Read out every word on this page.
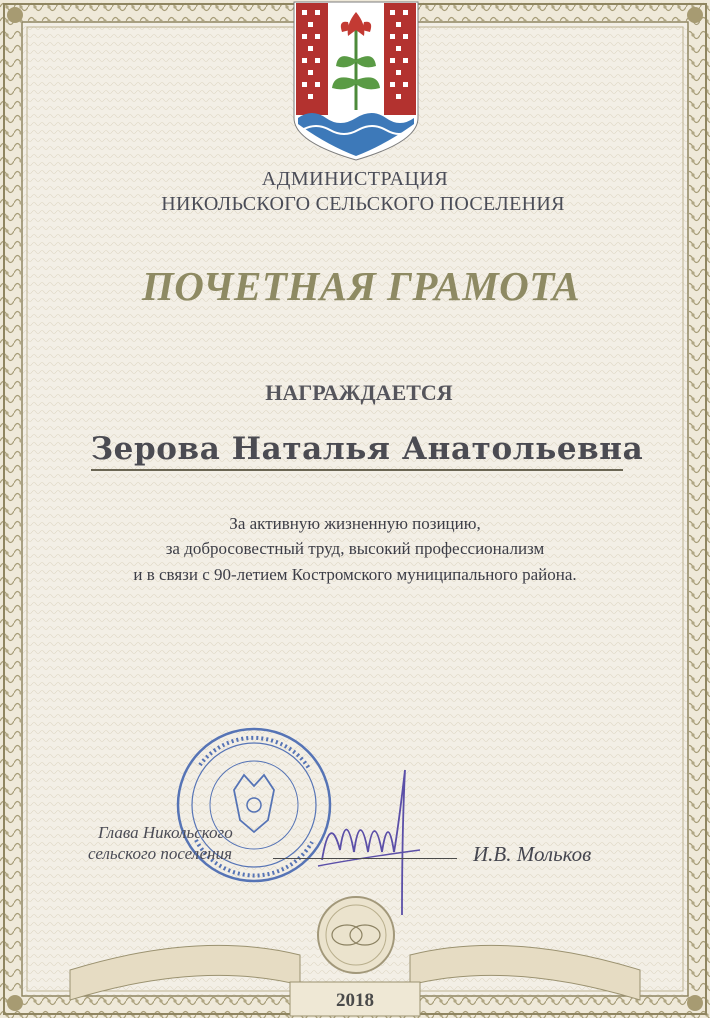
АДМИНИСТРАЦИЯ
НИКОЛЬСКОГО СЕЛЬСКОГО ПОСЕЛЕНИЯ
ПОЧЕТНАЯ ГРАМОТА
НАГРАЖДАЕТСЯ
Зерова Наталья Анатольевна
За активную жизненную позицию,
за добросовестный труд, высокий профессионализм
и в связи с 90-летием Костромского муниципального района.
Глава Никольского
сельского поселения	И.В. Мольков
2018
